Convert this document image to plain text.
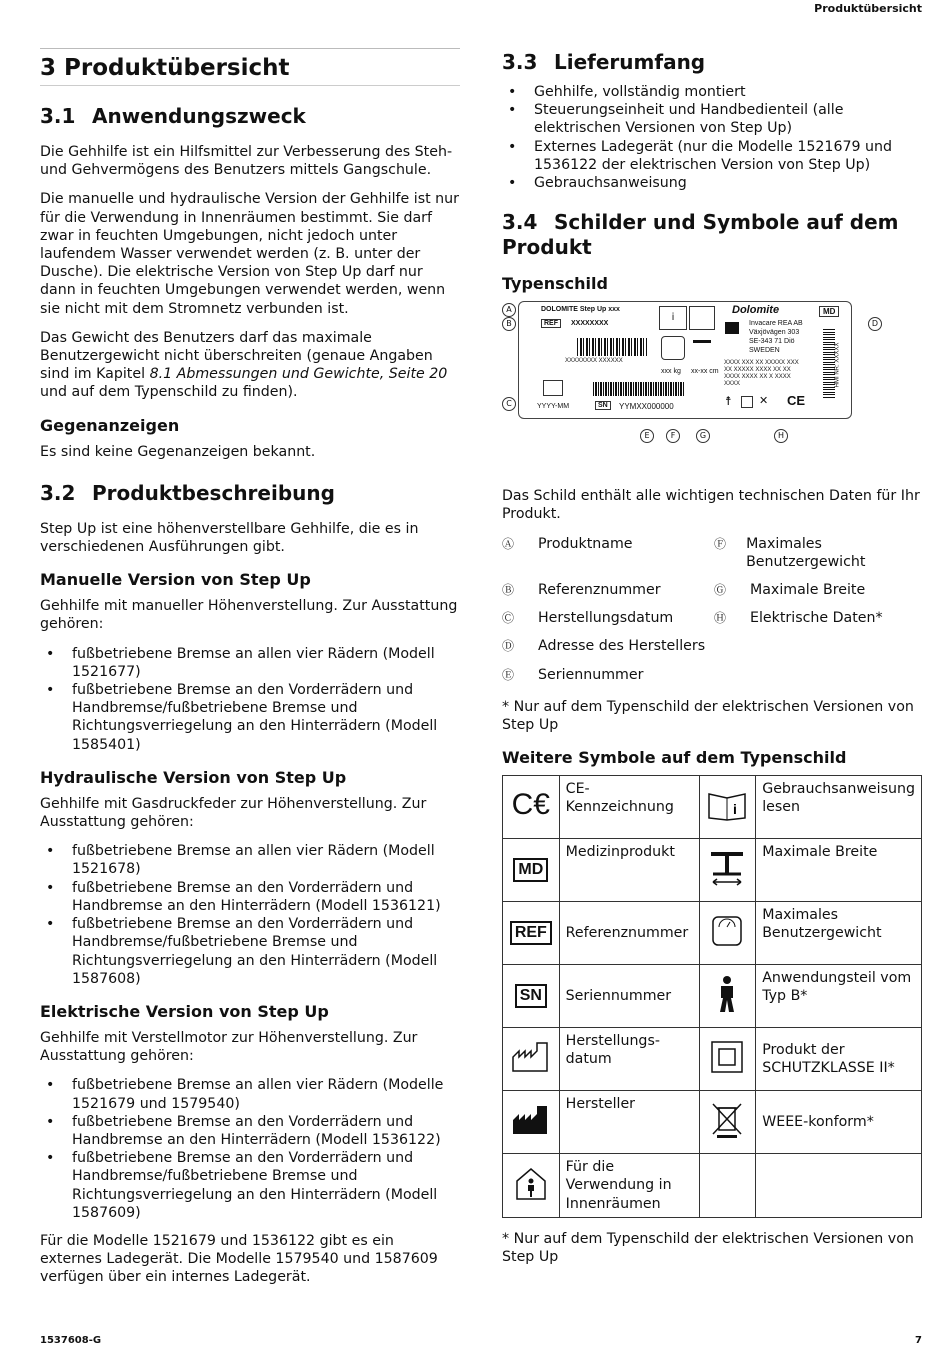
Produktübersicht
3 Produktübersicht
3.1 Anwendungszweck

Die Gehhilfe ist ein Hilfsmittel zur Verbesserung des Steh- und Gehvermögens des Benutzers mittels Gangschule.

Die manuelle und hydraulische Version der Gehhilfe ist nur für die Verwendung in Innenräumen bestimmt. Sie darf zwar in feuchten Umgebungen, nicht jedoch unter laufendem Wasser verwendet werden (z. B. unter der Dusche). Die elektrische Version von Step Up darf nur dann in feuchten Umgebungen verwendet werden, wenn sie nicht mit dem Stromnetz verbunden ist.

Das Gewicht des Benutzers darf das maximale Benutzergewicht nicht überschreiten (genaue Angaben sind im Kapitel 8.1 Abmessungen und Gewichte, Seite 20 und auf dem Typenschild zu finden).

Gegenanzeigen

Es sind keine Gegenanzeigen bekannt.

3.2 Produktbeschreibung

Step Up ist eine höhenverstellbare Gehhilfe, die es in verschiedenen Ausführungen gibt.

Manuelle Version von Step Up

Gehhilfe mit manueller Höhenverstellung. Zur Ausstattung gehören:

• fußbetriebene Bremse an allen vier Rädern (Modell 1521677)
• fußbetriebene Bremse an den Vorderrädern und Handbremse/fußbetriebene Bremse und Richtungsverriegelung an den Hinterrädern (Modell 1585401)
Hydraulische Version von Step Up

Gehhilfe mit Gasdruckfeder zur Höhenverstellung. Zur Ausstattung gehören:

• fußbetriebene Bremse an allen vier Rädern (Modell 1521678)
• fußbetriebene Bremse an den Vorderrädern und Handbremse an den Hinterrädern (Modell 1536121)
• fußbetriebene Bremse an den Vorderrädern und Handbremse/fußbetriebene Bremse und Richtungsverriegelung an den Hinterrädern (Modell 1587608)
Elektrische Version von Step Up

Gehhilfe mit Verstellmotor zur Höhenverstellung. Zur Ausstattung gehören:

• fußbetriebene Bremse an allen vier Rädern (Modelle 1521679 und 1579540)
• fußbetriebene Bremse an den Vorderrädern und Handbremse an den Hinterrädern (Modell 1536122)
• fußbetriebene Bremse an den Vorderrädern und Handbremse/fußbetriebene Bremse und Richtungsverriegelung an den Hinterrädern (Modell 1587609)

Für die Modelle 1521679 und 1536122 gibt es ein externes Ladegerät. Die Modelle 1579540 und 1587609 verfügen über ein internes Ladegerät.

3.3 Lieferumfang
• Gehhilfe, vollständig montiert
• Steuerungseinheit und Handbedienteil (alle elektrischen Versionen von Step Up)
• Externes Ladegerät (nur die Modelle 1521679 und 1536122 der elektrischen Version von Step Up)
• Gebrauchsanweisung
3.4 Schilder und Symbole auf dem Produkt
Typenschild
DOLOMITE Step Up xxx
REF	XXXXXXXX
XXXXXXXX XXXXXX
YYYY-MM	SN	YYMXX000000
i
xxx kg xx-xx cm
Dolomite
Invacare REA AB
Växjövägen 303
SE-343 71 Diö
SWEDEN
XXXX XXX XX XXXXX XXX
XX XXXXX XXXX XX XX
XXXX XXXX XX X XXXX
XXXX
MD
HMI NR: XXXXX
☨ ✕ CE
A
B
C
D
E	F	G	H

Das Schild enthält alle wichtigen technischen Daten für Ihr Produkt.

Ⓐ	Produktname	Ⓕ	Maximales Benutzergewicht
Ⓑ	Referenznummer	Ⓖ	Maximale Breite
Ⓒ	Herstellungsdatum	Ⓗ	Elektrische Daten*
Ⓓ	Adresse des Herstellers
Ⓔ	Seriennummer

* Nur auf dem Typenschild der elektrischen Versionen von Step Up

Weitere Symbole auf dem Typenschild
C€	CE-Kennzeichnung	i	Gebrauchsanweisung lesen
MD	Medizinprodukt		Maximale Breite
REF	Referenznummer		Maximales Benutzergewicht
SN	Seriennummer		Anwendungsteil vom Typ B*
	Herstellungs-datum		Produkt der SCHUTZKLASSE II*
	Hersteller		WEEE-konform*
	Für die Verwendung in Innenräumen		

* Nur auf dem Typenschild der elektrischen Versionen von Step Up

1537608-G	7
